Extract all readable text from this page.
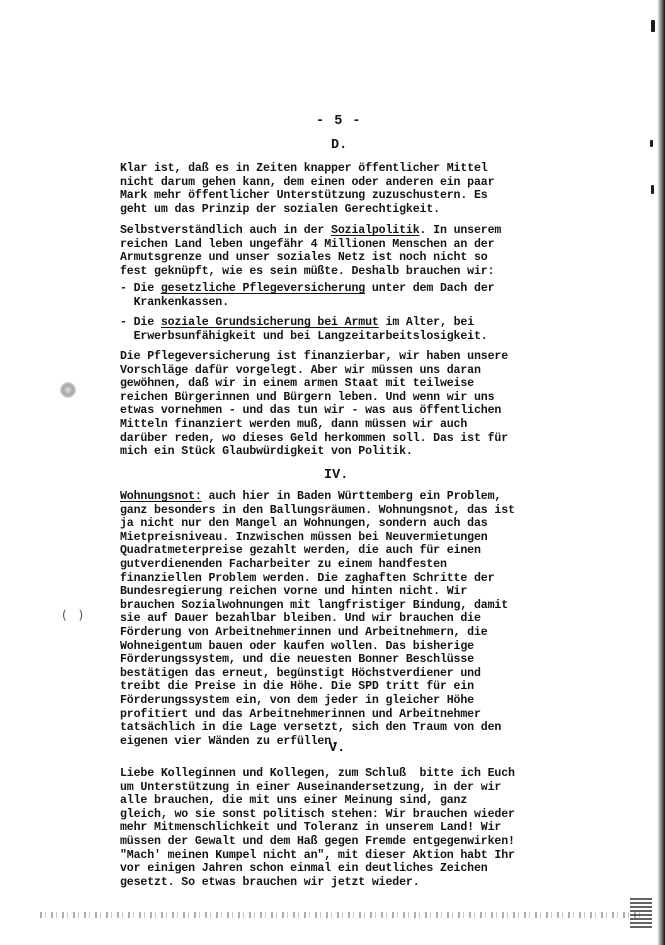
- 5 -
D.
Klar ist, daß es in Zeiten knapper öffentlicher Mittel
nicht darum gehen kann, dem einen oder anderen ein paar
Mark mehr öffentlicher Unterstützung zuzuschustern. Es
geht um das Prinzip der sozialen Gerechtigkeit.
Selbstverständlich auch in der Sozialpolitik. In unserem
reichen Land leben ungefähr 4 Millionen Menschen an der
Armutsgrenze und unser soziales Netz ist noch nicht so
fest geknüpft, wie es sein müßte. Deshalb brauchen wir:
- Die gesetzliche Pflegeversicherung unter dem Dach der
Krankenkassen.
- Die soziale Grundsicherung bei Armut im Alter, bei
Erwerbsunfähigkeit und bei Langzeitarbeitslosigkeit.
Die Pflegeversicherung ist finanzierbar, wir haben unsere
Vorschläge dafür vorgelegt. Aber wir müssen uns daran
gewöhnen, daß wir in einem armen Staat mit teilweise
reichen Bürgerinnen und Bürgern leben. Und wenn wir uns
etwas vornehmen - und das tun wir - was aus öffentlichen
Mitteln finanziert werden muß, dann müssen wir auch
darüber reden, wo dieses Geld herkommen soll. Das ist für
mich ein Stück Glaubwürdigkeit von Politik.
IV.
Wohnungsnot: auch hier in Baden Württemberg ein Problem,
ganz besonders in den Ballungsräumen. Wohnungsnot, das ist
ja nicht nur den Mangel an Wohnungen, sondern auch das
Mietpreisniveau. Inzwischen müssen bei Neuvermietungen
Quadratmeterpreise gezahlt werden, die auch für einen
gutverdienenden Facharbeiter zu einem handfesten
finanziellen Problem werden. Die zaghaften Schritte der
Bundesregierung reichen vorne und hinten nicht. Wir
brauchen Sozialwohnungen mit langfristiger Bindung, damit
sie auf Dauer bezahlbar bleiben. Und wir brauchen die
Förderung von Arbeitnehmerinnen und Arbeitnehmern, die
Wohneigentum bauen oder kaufen wollen. Das bisherige
Förderungssystem, und die neuesten Bonner Beschlüsse
bestätigen das erneut, begünstigt Höchstverdiener und
treibt die Preise in die Höhe. Die SPD tritt für ein
Förderungssystem ein, von dem jeder in gleicher Höhe
profitiert und das Arbeitnehmerinnen und Arbeitnehmer
tatsächlich in die Lage versetzt, sich den Traum von den
eigenen vier Wänden zu erfüllen.
V.
Liebe Kolleginnen und Kollegen, zum Schluß  bitte ich Euch
um Unterstützung in einer Auseinandersetzung, in der wir
alle brauchen, die mit uns einer Meinung sind, ganz
gleich, wo sie sonst politisch stehen: Wir brauchen wieder
mehr Mitmenschlichkeit und Toleranz in unserem Land! Wir
müssen der Gewalt und dem Haß gegen Fremde entgegenwirken!
"Mach' meinen Kumpel nicht an", mit dieser Aktion habt Ihr
vor einigen Jahren schon einmal ein deutliches Zeichen
gesetzt. So etwas brauchen wir jetzt wieder.
( )
